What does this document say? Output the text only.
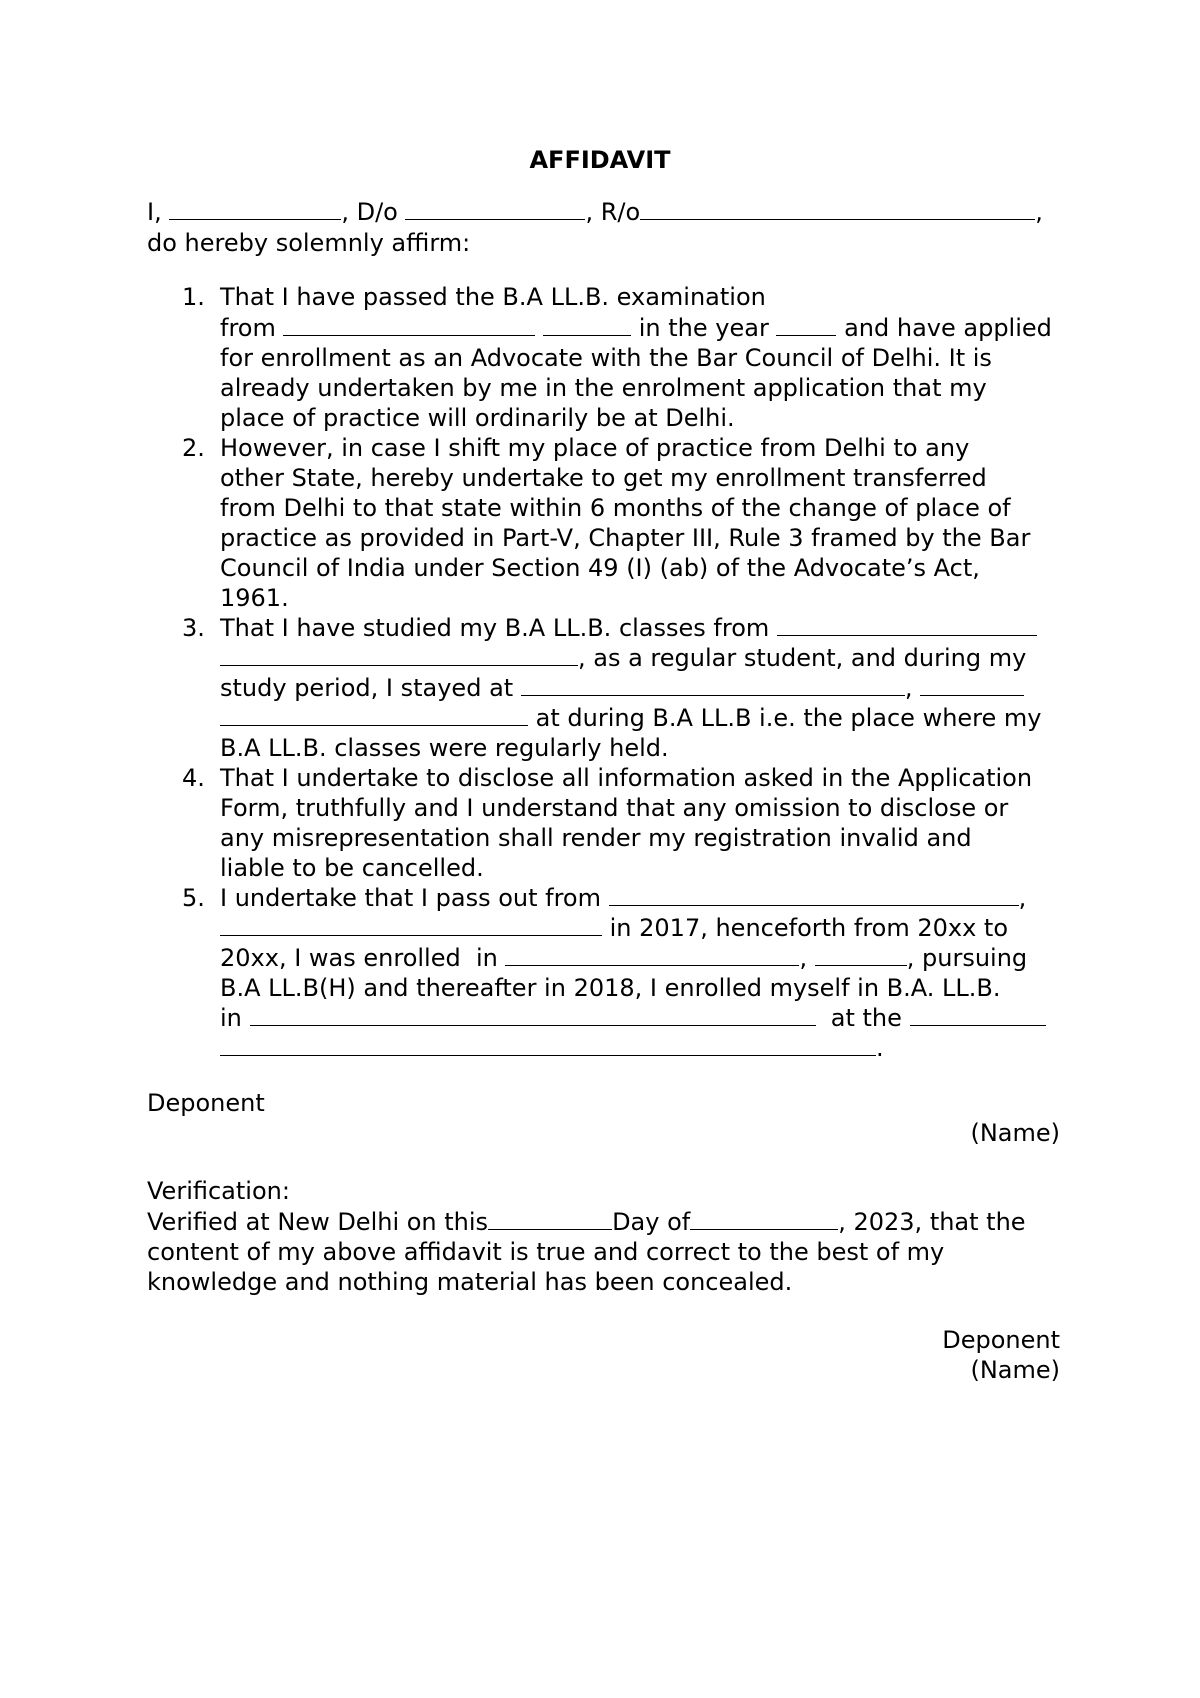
AFFIDAVIT
I,	, D/o	, R/o	,
do hereby solemnly affirm:
1. That I have passed the B.A LL.B. examination
from	in the year	and have applied
for enrollment as an Advocate with the Bar Council of Delhi. It is
already undertaken by me in the enrolment application that my
place of practice will ordinarily be at Delhi.
2. However, in case I shift my place of practice from Delhi to any
other State, hereby undertake to get my enrollment transferred
from Delhi to that state within 6 months of the change of place of
practice as provided in Part-V, Chapter III, Rule 3 framed by the Bar
Council of India under Section 49 (I) (ab) of the Advocate’s Act,
1961.
3. That I have studied my B.A LL.B. classes from
, as a regular student, and during my
study period, I stayed at	,
at during B.A LL.B i.e. the place where my
B.A LL.B. classes were regularly held.
4. That I undertake to disclose all information asked in the Application
Form, truthfully and I understand that any omission to disclose or
any misrepresentation shall render my registration invalid and
liable to be cancelled.
5. I undertake that I pass out from	,
in 2017, henceforth from 20xx to
20xx, I was enrolled  in	,	, pursuing
B.A LL.B(H) and thereafter in 2018, I enrolled myself in B.A. LL.B.
in	at the
.
Deponent
(Name)
Verification:
Verified at New Delhi on this	Day of	, 2023, that the
content of my above affidavit is true and correct to the best of my
knowledge and nothing material has been concealed.
Deponent
(Name)
